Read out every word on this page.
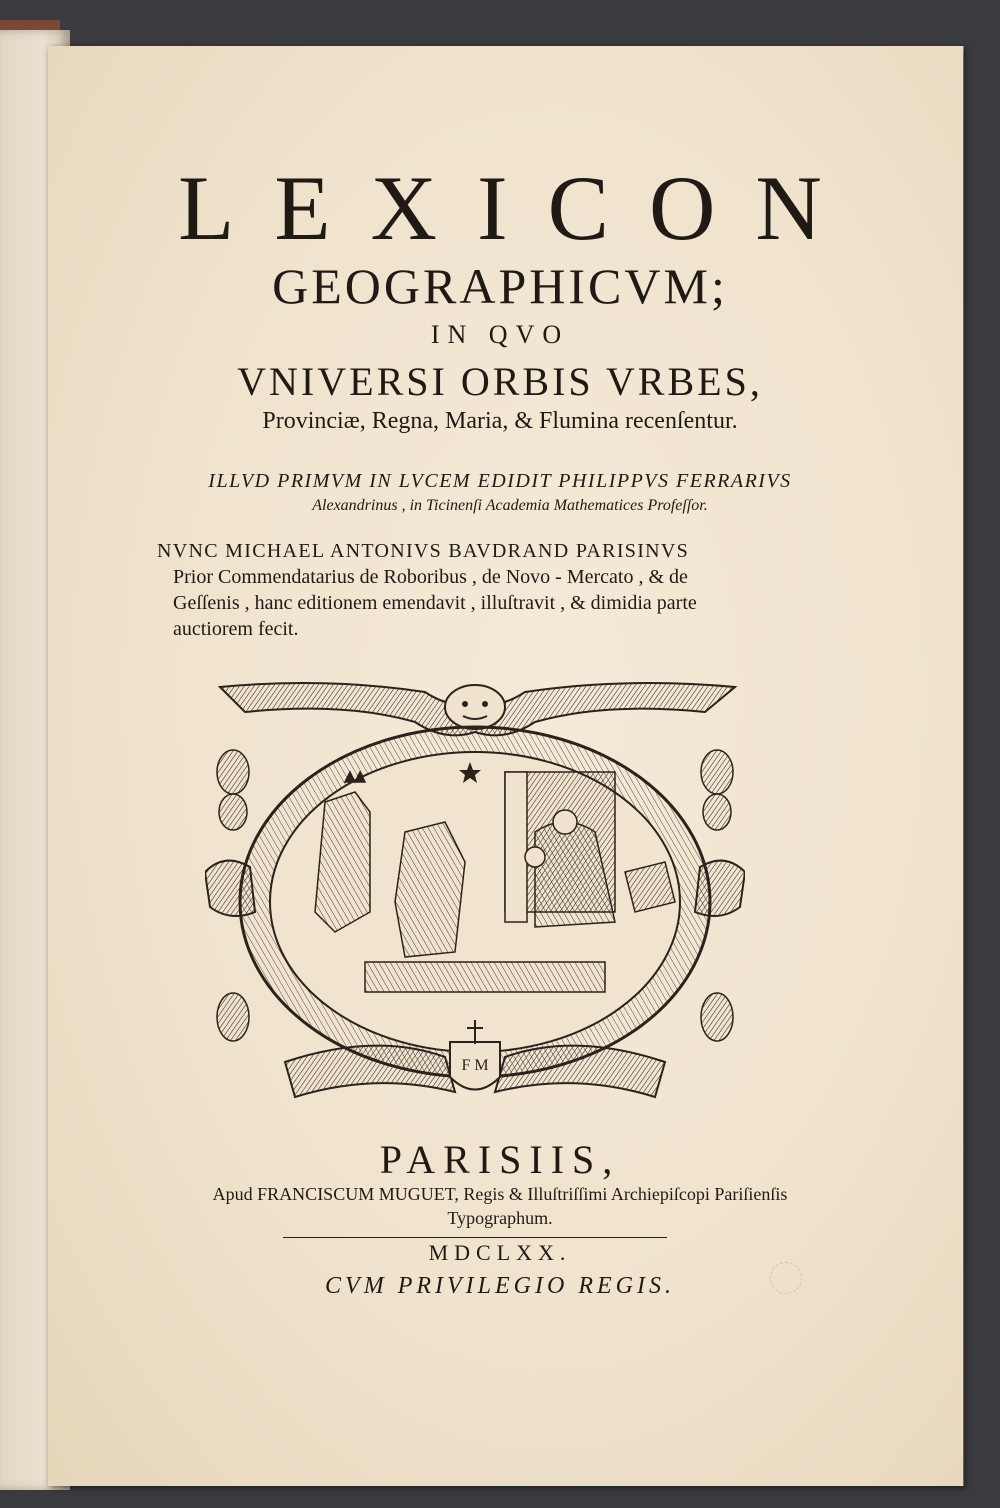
LEXICON
GEOGRAPHICVM;
IN QVO
VNIVERSI ORBIS VRBES,
Provinciæ, Regna, Maria, & Flumina recenſentur.
ILLVD PRIMVM IN LVCEM EDIDIT PHILIPPVS FERRARIVS
Alexandrinus , in Ticinenſi Academia Mathematices Profeſſor.
NVNC MICHAEL ANTONIVS BAVDRAND PARISINVS
Prior Commendatarius de Roboribus , de Novo - Mercato , & de
Geſſenis , hanc editionem emendavit , illuſtravit , & dimidia parte
auctiorem fecit.
F M
PARISIIS,
Apud FRANCISCUM MUGUET, Regis & Illuſtriſſimi Archiepiſcopi Pariſienſis
Typographum.
MDCLXX.
CVM PRIVILEGIO REGIS.
